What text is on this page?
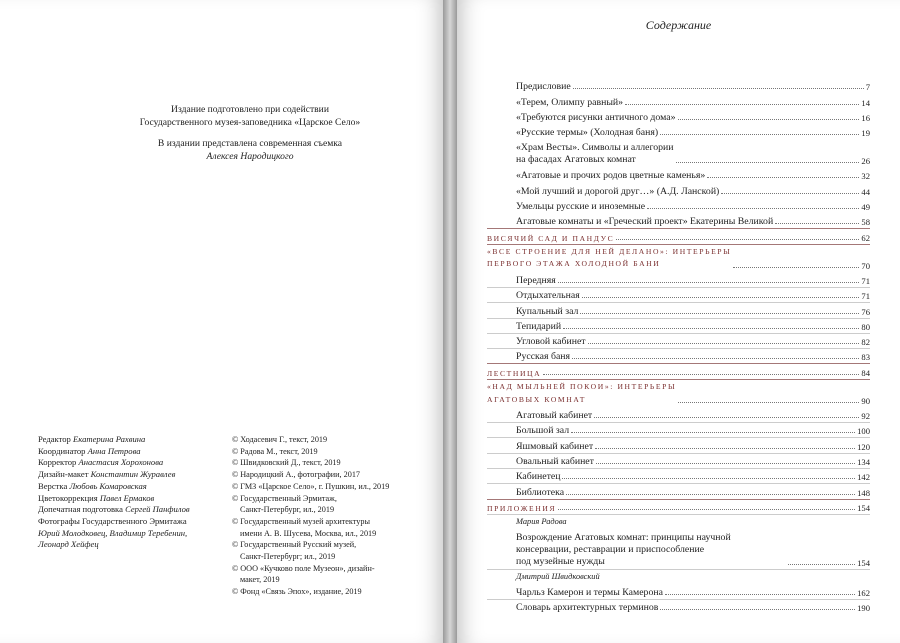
Издание подготовлено при содействии
Государственного музея-заповедника «Царское Село»
В издании представлена современная съемка
Алексея Народицкого
Редактор Екатерина Рахвина
Координатор Анна Петрова
Корректор Анастасия Хорохонова
Дизайн-макет Константин Журавлев
Верстка Любовь Комаровская
Цветокоррекция Павел Ермаков
Допечатная подготовка Сергей Панфилов
Фотографы Государственного Эрмитажа
Юрий Молодковец, Владимир Теребенин,
Леонард Хейфец
© Ходасевич Г., текст, 2019
© Радова М., текст, 2019
© Швидковский Д., текст, 2019
© Народицкий А., фотографии, 2017
© ГМЗ «Царское Село», г. Пушкин, ил., 2019
© Государственный Эрмитаж,
Санкт-Петербург, ил., 2019
© Государственный музей архитектуры
имени А. В. Шусева, Москва, ил., 2019
© Государственный Русский музей,
Санкт-Петербург; ил., 2019
© ООО «Кучково поле Музеон», дизайн-
макет, 2019
© Фонд «Связь Эпох», издание, 2019
Содержание
Предисловие	7
«Терем, Олимпу равный»	14
«Требуются рисунки античного дома»	16
«Русские термы» (Холодная баня)	19
«Храм Весты». Символы и аллегории
на фасадах Агатовых комнат	26
«Агатовые и прочих родов цветные каменья»	32
«Мой лучший и дорогой друг…» (А.Д. Ланской)	44
Умельцы русские и иноземные	49
Агатовые комнаты и «Греческий проект» Екатерины Великой	58
ВИСЯЧИЙ САД И ПАНДУС	62
«ВСЕ СТРОЕНИЕ ДЛЯ НЕЙ ДЕЛАНО»: ИНТЕРЬЕРЫ
ПЕРВОГО ЭТАЖА ХОЛОДНОЙ БАНИ	70
Передняя	71
Отдыхательная	71
Купальный зал	76
Тепидарий	80
Угловой кабинет	82
Русская баня	83
ЛЕСТНИЦА	84
«НАД МЫЛЬНЕЙ ПОКОИ»: ИНТЕРЬЕРЫ
АГАТОВЫХ КОМНАТ	90
Агатовый кабинет	92
Большой зал	100
Яшмовый кабинет	120
Овальный кабинет	134
Кабинетец	142
Библиотека	148
ПРИЛОЖЕНИЯ	154
Мария Радова
Возрождение Агатовых комнат: принципы научной
консервации, реставрации и приспособление
под музейные нужды	154
Дмитрий Швидковский
Чарльз Камерон и термы Камерона	162
Словарь архитектурных терминов	190
